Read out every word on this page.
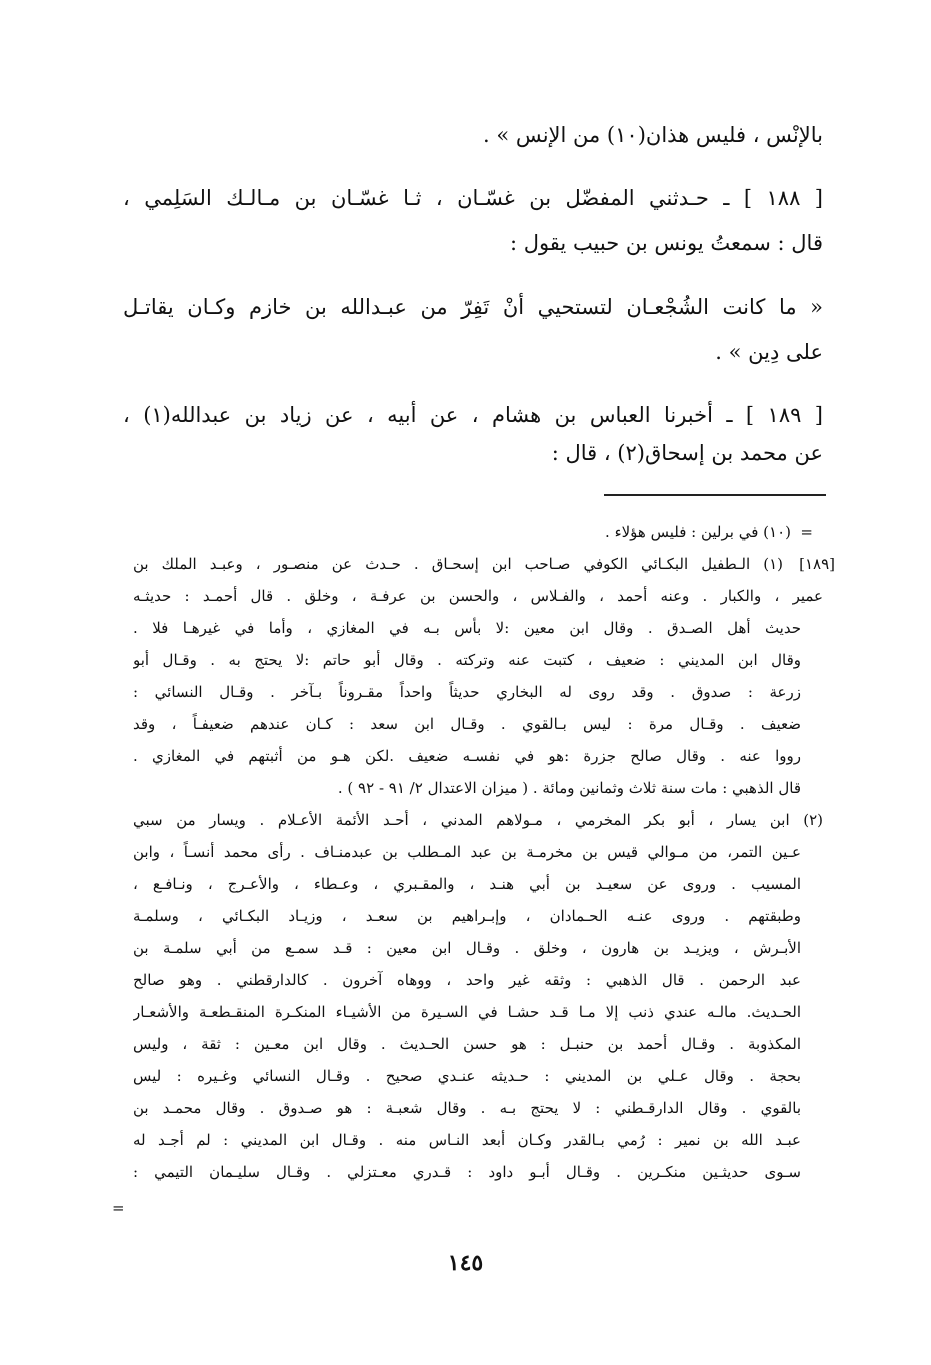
بالإنْس ، فليس هذان(١٠) من الإنس » .

[ ١٨٨ ] ـ حـدثني المفضّل بن غسّـان ، ثـا غسّـان بن مـالـك السَلِمي ،

قال : سمعتُ يونس بن حبيب يقول :

« ما كانت الشُجْعـان لتستحيي أنْ تَفِرّ من عبـدالله بن خازم وكـان يقاتـل

على دِين » .

[ ١٨٩ ] ـ أخبرنا العباس بن هشام ، عن أبيه ، عن زياد بن عبدالله(١) ،

عن محمد بن إسحاق(٢) ، قال :

=

(١٠) في برلين : فليس هؤلاء .

[١٨٩]

(١) الـطفيل البكـائي الكوفي صـاحب ابن إسحـاق . حـدث عن منصـور ، وعبـد الملك بن

عمير ، والكبار . وعنه أحمد ، والفـلاس ، والحسن بن عرفـة ، وخلق . قال أحمـد : حديثـه

حديث أهل الصـدق . وقال ابن معين :لا بأس بـه في المغازي ، وأما في غيرهـا فلا .

وقال ابن المديني : ضعيف ، كتبت عنه وتركته . وقال أبو حاتم :لا يحتج به . وقـال أبو

زرعة : صدوق . وقد روى له البخاري حديثاً واحداً مقـروناً بـآخر . وقـال النسائي :

ضعيف . وقـال مرة : ليس بـالقوي . وقـال ابن سعد : كـان عندهم ضعيفـاً ، وقد

رووا عنه . وقال صالح جزرة :هو في نفسـه ضعيف .لكن هـو من أثبتهم في المغازي .

قال الذهبي : مات سنة ثلاث وثمانين ومائة . ( ميزان الاعتدال ٢/ ٩١ - ٩٢ ) .

(٢) ابن يسار ، أبو بكر المخرمي ، مـولاهم المدني ، أحـد الأئمة الأعـلام . ويسار من سبي

عـين التمر، من مـوالي قيس بن مخرمـة بن عبد المـطلب بن عبدمنـاف . رأى محمد أنسـاً ، وابن

المسيب . وروى عن سعيـد بن أبي هنـد ، والمقـبري ، وعـطاء ، والأعـرج ، ونـافـع ،

وطبقتهم . وروى عنـه الحـمادان ، وإبـراهيم بن سعـد ، وزيـاد البكـائي ، وسلمـة

الأبـرش ، ويزيـد بن هارون ، وخلق . وقـال ابن معين : قـد سمـع من أبي سلمـة بن

عبد الرحمن . قال الذهبي : وثقه غير واحد ، ووهاه آخرون . كالدارقطني . وهو صالح

الحـديث. مالـه عندي ذنب إلا مـا قـد حشـا في السـيرة من الأشيـاء المنكـرة المنقـطعـة والأشعـار

المكذوبة . وقـال أحمد بن حنبـل : هو حسن الحـديث . وقال ابن معـين : ثقة ، وليس

بحجة . وقال عـلي بن المديني : حـديثه عنـدي صحيح . وقـال النسائي وغـيره : ليس

بالقوي . وقال الدارقـطني : لا يحتج بـه . وقال شعبـة : هو صـدوق . وقال محمـد بن

عبـد الله بن نمير : رُمي بـالقدر وكـان أبعد النـاس منه . وقـال ابن المديني : لم أجـد له

سـوى حديثـين منكـرين . وقـال أبـو داود : قـدري معـتزلي . وقـال سليـمان التيمي :

=
١٤٥
